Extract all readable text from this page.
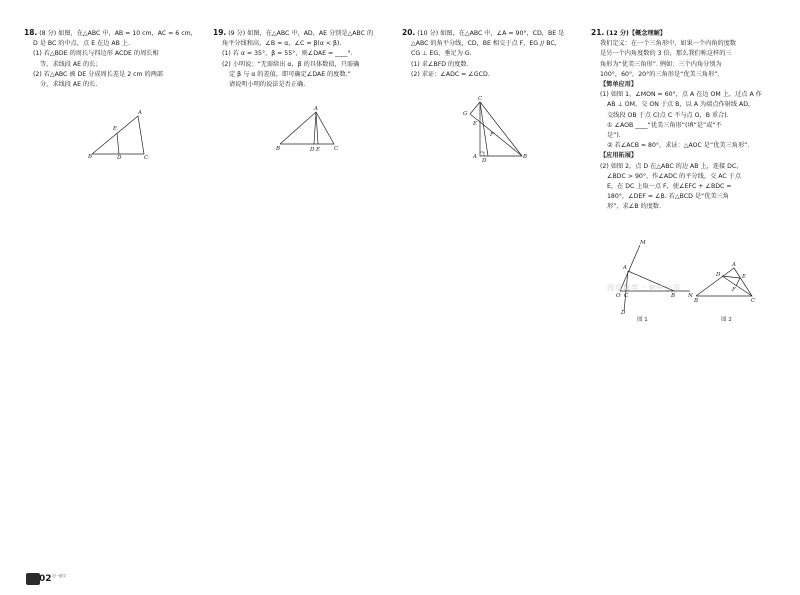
18. (8 分) 如图，在△ABC 中，AB = 10 cm，AC = 6 cm，

D 是 BC 的中点，点 E 在边 AB 上.

(1) 若△BDE 的周长与四边形 ACDE 的周长相

等，求线段 AE 的长；

(2) 若△ABC 被 DE 分成周长差是 2 cm 的两部

分，求线段 AE 的长.

A
E
B	D	C

19. (9 分) 如图，在△ABC 中，AD，AE 分别是△ABC 的

角平分线和高，∠B = α，∠C = β(α < β).

(1) 若 α = 35°，β = 55°，则∠DAE = ____°.

(2) 小明说：“无需给出 α，β 的具体数值，只需确

定 β 与 α 的差值，即可确定∠DAE 的度数.”

请说明小明的说法是否正确.

A
B	D E	C

20. (10 分) 如图，在△ABC 中，∠A = 90°，CD，BE 是

△ABC 的角平分线，CD，BE 相交于点 F，EG // BC，

CG ⊥ EG，垂足为 G.

(1) 求∠BFD 的度数.

(2) 求证：∠ADC = ∠GCD.

C
G
E
F
D
A	B

21. (12 分)【概念理解】

我们定义：在一个三角形中，如果一个内角的度数

是另一个内角度数的 3 倍，那么我们称这样的三

角形为“优美三角形”. 例如：三个内角分别为

100°，60°，20°的三角形是“优美三角形”.

【简单应用】

(1) 如图 1，∠MON = 60°，点 A 在边 OM 上，过点 A 作

AB ⊥ OM，交 ON 于点 B，以 A 为端点作射线 AD，

交线段 OB 于点 C(点 C 不与点 O，B 重合).

① ∠AOB ____“优美三角形”(填“是”或“不

是”).

② 若∠ACB = 80°，求证：△AOC 是“优美三角形”.

【应用拓展】

(2) 如图 2，点 D 在△ABC 的边 AB 上，连接 DC，

∠BDC > 90°，作∠ADC 的平分线，交 AC 于点

E，在 DC 上取一点 F，使∠EFC + ∠BDC =

180°，∠DEF = ∠B. 若△BCD 是“优美三角

形”，求∠B 的度数.

M
A
O C	B N
D
图 1
A
E
D
F
B	C
图 2
西瓜数学 · 初中公司
02 初一数学
